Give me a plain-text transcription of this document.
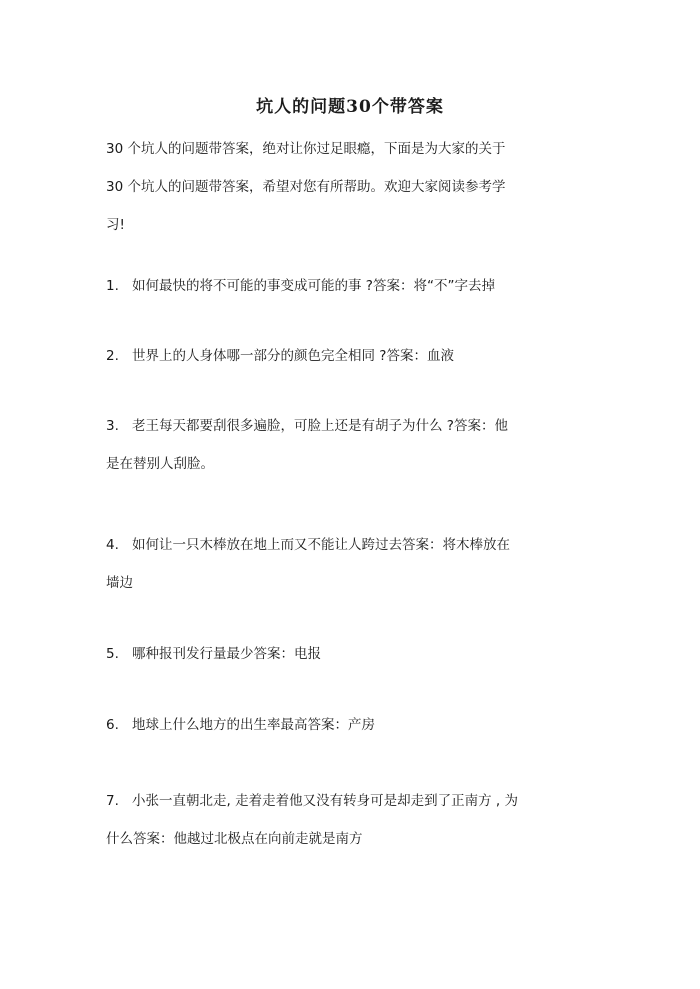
坑人的问题30个带答案
30 个坑人的问题带答案，绝对让你过足眼瘾，下面是为大家的关于
30 个坑人的问题带答案，希望对您有所帮助。欢迎大家阅读参考学
习!
1. 如何最快的将不可能的事变成可能的事 ?答案：将“不”字去掉
2. 世界上的人身体哪一部分的颜色完全相同 ?答案：血液
3. 老王每天都要刮很多遍脸，可脸上还是有胡子为什么 ?答案：他
是在替别人刮脸。
4. 如何让一只木棒放在地上而又不能让人跨过去答案：将木棒放在
墙边
5. 哪种报刊发行量最少答案：电报
6. 地球上什么地方的出生率最高答案：产房
7. 小张一直朝北走, 走着走着他又没有转身可是却走到了正南方 , 为
什么答案：他越过北极点在向前走就是南方
